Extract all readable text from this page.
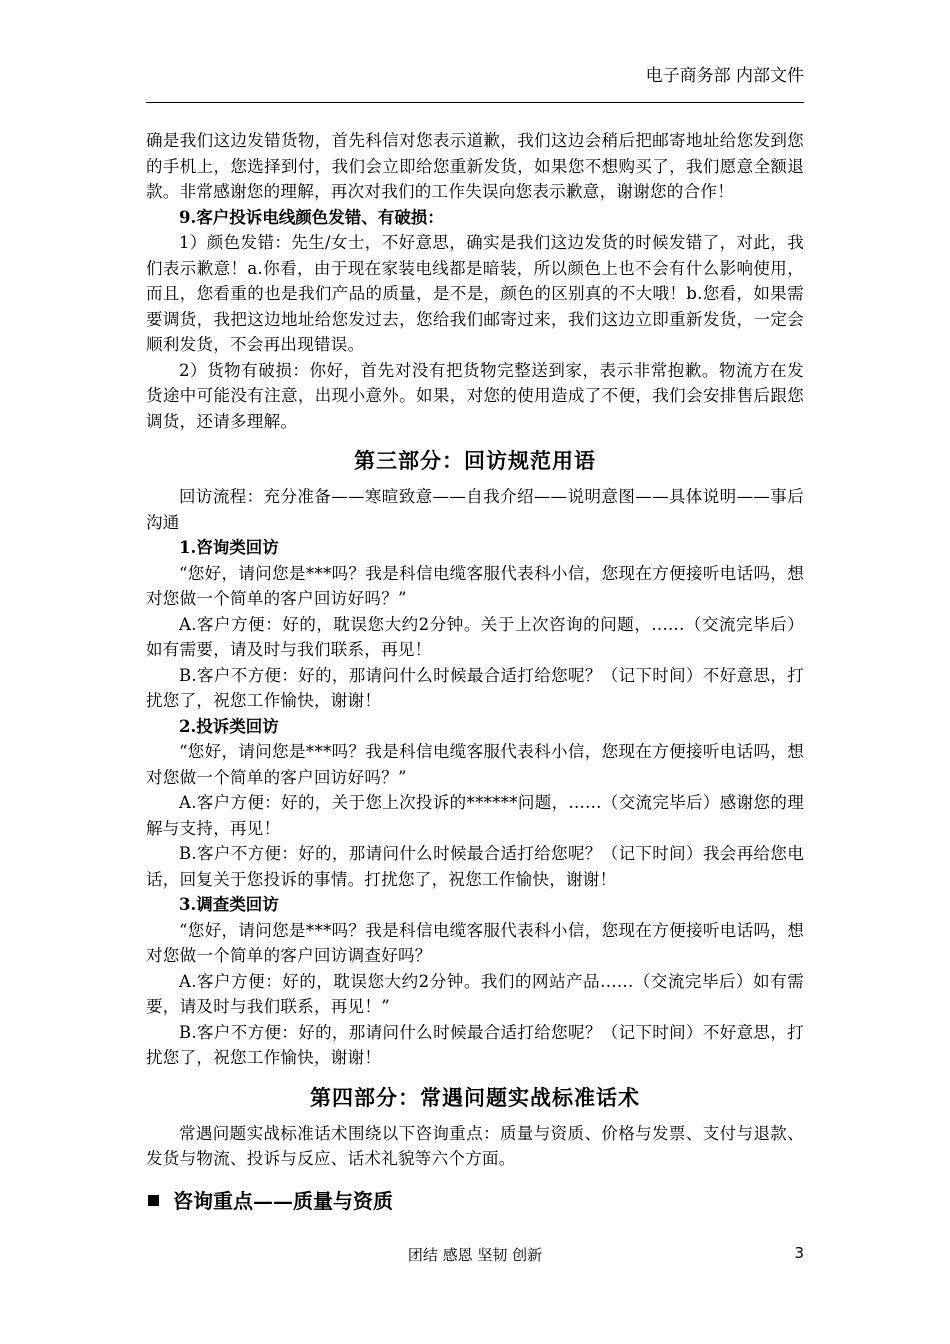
电子商务部 内部文件

确是我们这边发错货物，首先科信对您表示道歉，我们这边会稍后把邮寄地址给您发到您的手机上，您选择到付，我们会立即给您重新发货，如果您不想购买了，我们愿意全额退款。非常感谢您的理解，再次对我们的工作失误向您表示歉意，谢谢您的合作！

9.客户投诉电线颜色发错、有破损：

1）颜色发错：先生/女士，不好意思，确实是我们这边发货的时候发错了，对此，我们表示歉意！a.你看，由于现在家装电线都是暗装，所以颜色上也不会有什么影响使用，而且，您看重的也是我们产品的质量，是不是，颜色的区别真的不大哦！b.您看，如果需要调货，我把这边地址给您发过去，您给我们邮寄过来，我们这边立即重新发货，一定会顺利发货，不会再出现错误。

2）货物有破损：你好，首先对没有把货物完整送到家，表示非常抱歉。物流方在发货途中可能没有注意，出现小意外。如果，对您的使用造成了不便，我们会安排售后跟您调货，还请多理解。

第三部分：回访规范用语

回访流程：充分准备——寒暄致意——自我介绍——说明意图——具体说明——事后沟通

1.咨询类回访

“您好，请问您是***吗？我是科信电缆客服代表科小信，您现在方便接听电话吗，想对您做一个简单的客户回访好吗？”

A.客户方便：好的，耽误您大约2分钟。关于上次咨询的问题，......（交流完毕后）如有需要，请及时与我们联系，再见！

B.客户不方便：好的，那请问什么时候最合适打给您呢？（记下时间）不好意思，打扰您了，祝您工作愉快，谢谢！

2.投诉类回访

“您好，请问您是***吗？我是科信电缆客服代表科小信，您现在方便接听电话吗，想对您做一个简单的客户回访好吗？”

A.客户方便：好的，关于您上次投诉的******问题，......（交流完毕后）感谢您的理解与支持，再见！

B.客户不方便：好的，那请问什么时候最合适打给您呢？（记下时间）我会再给您电话，回复关于您投诉的事情。打扰您了，祝您工作愉快，谢谢！

3.调查类回访

“您好，请问您是***吗？我是科信电缆客服代表科小信，您现在方便接听电话吗，想对您做一个简单的客户回访调查好吗？

A.客户方便：好的，耽误您大约2分钟。我们的网站产品......（交流完毕后）如有需要，请及时与我们联系，再见！”

B.客户不方便：好的，那请问什么时候最合适打给您呢？（记下时间）不好意思，打扰您了，祝您工作愉快，谢谢！

第四部分：常遇问题实战标准话术

常遇问题实战标准话术围绕以下咨询重点：质量与资质、价格与发票、支付与退款、发货与物流、投诉与反应、话术礼貌等六个方面。

咨询重点——质量与资质
团结 感恩 坚韧 创新	3
